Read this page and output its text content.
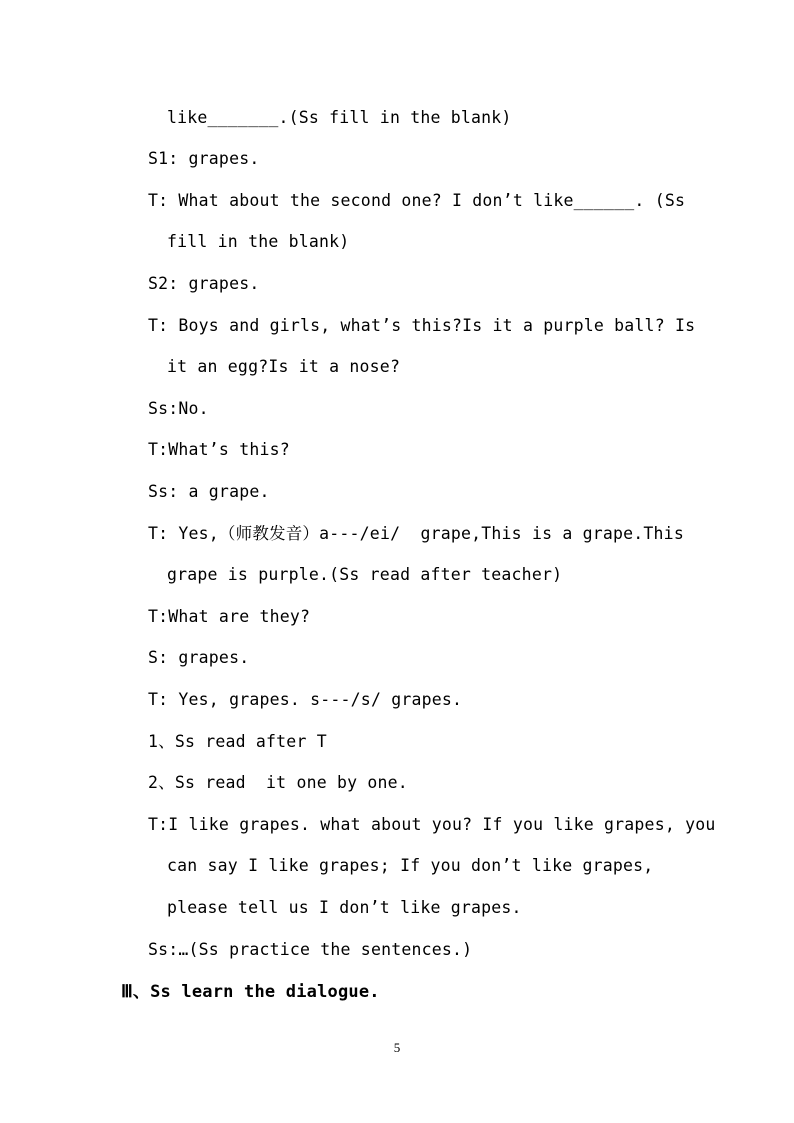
like_______.(Ss fill in the blank)
S1: grapes.
T: What about the second one? I don’t like______. (Ss
fill in the blank)
S2: grapes.
T: Boys and girls, what’s this?Is it a purple ball? Is
it an egg?Is it a nose?
Ss:No.
T:What’s this?
Ss: a grape.
T: Yes,（师教发音）a---/ei/  grape,This is a grape.This
grape is purple.(Ss read after teacher)
T:What are they?
S: grapes.
T: Yes, grapes. s---/s/ grapes.
1、Ss read after T
2、Ss read  it one by one.
T:I like grapes. what about you? If you like grapes, you
can say I like grapes; If you don’t like grapes,
please tell us I don’t like grapes.
Ss:…(Ss practice the sentences.)
Ⅲ、Ss learn the dialogue.
5
